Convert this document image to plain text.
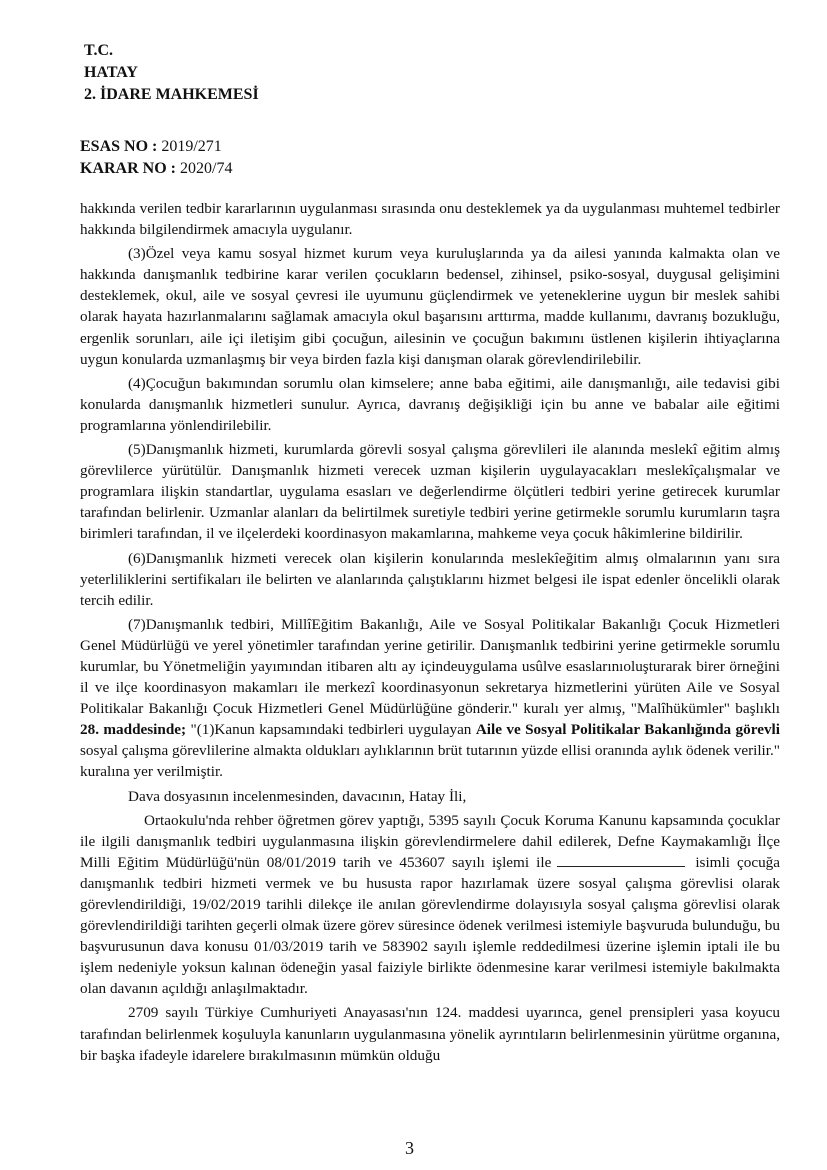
T.C.
HATAY
2. İDARE MAHKEMESİ
ESAS NO : 2019/271
KARAR NO : 2020/74

hakkında verilen tedbir kararlarının uygulanması sırasında onu desteklemek ya da uygulanması muhtemel tedbirler hakkında bilgilendirmek amacıyla uygulanır.

(3)Özel veya kamu sosyal hizmet kurum veya kuruluşlarında ya da ailesi yanında kalmakta olan ve hakkında danışmanlık tedbirine karar verilen çocukların bedensel, zihinsel, psiko-sosyal, duygusal gelişimini desteklemek, okul, aile ve sosyal çevresi ile uyumunu güçlendirmek ve yeteneklerine uygun bir meslek sahibi olarak hayata hazırlanmalarını sağlamak amacıyla okul başarısını arttırma, madde kullanımı, davranış bozukluğu, ergenlik sorunları, aile içi iletişim gibi çocuğun, ailesinin ve çocuğun bakımını üstlenen kişilerin ihtiyaçlarına uygun konularda uzmanlaşmış bir veya birden fazla kişi danışman olarak görevlendirilebilir.

(4)Çocuğun bakımından sorumlu olan kimselere; anne baba eğitimi, aile danışmanlığı, aile tedavisi gibi konularda danışmanlık hizmetleri sunulur. Ayrıca, davranış değişikliği için bu anne ve babalar aile eğitimi programlarına yönlendirilebilir.

(5)Danışmanlık hizmeti, kurumlarda görevli sosyal çalışma görevlileri ile alanında meslekî eğitim almış görevlilerce yürütülür. Danışmanlık hizmeti verecek uzman kişilerin uygulayacakları meslekîçalışmalar ve programlara ilişkin standartlar, uygulama esasları ve değerlendirme ölçütleri tedbiri yerine getirecek kurumlar tarafından belirlenir. Uzmanlar alanları da belirtilmek suretiyle tedbiri yerine getirmekle sorumlu kurumların taşra birimleri tarafından, il ve ilçelerdeki koordinasyon makamlarına, mahkeme veya çocuk hâkimlerine bildirilir.

(6)Danışmanlık hizmeti verecek olan kişilerin konularında meslekîeğitim almış olmalarının yanı sıra yeterliliklerini sertifikaları ile belirten ve alanlarında çalıştıklarını hizmet belgesi ile ispat edenler öncelikli olarak tercih edilir.

(7)Danışmanlık tedbiri, MillîEğitim Bakanlığı, Aile ve Sosyal Politikalar Bakanlığı Çocuk Hizmetleri Genel Müdürlüğü ve yerel yönetimler tarafından yerine getirilir. Danışmanlık tedbirini yerine getirmekle sorumlu kurumlar, bu Yönetmeliğin yayımından itibaren altı ay içindeuygulama usûlve esaslarınıoluşturarak birer örneğini il ve ilçe koordinasyon makamları ile merkezî koordinasyonun sekretarya hizmetlerini yürüten Aile ve Sosyal Politikalar Bakanlığı Çocuk Hizmetleri Genel Müdürlüğüne gönderir." kuralı yer almış, "Malîhükümler" başlıklı 28. maddesinde; "(1)Kanun kapsamındaki tedbirleri uygulayan Aile ve Sosyal Politikalar Bakanlığında görevli sosyal çalışma görevlilerine almakta oldukları aylıklarının brüt tutarının yüzde ellisi oranında aylık ödenek verilir." kuralına yer verilmiştir.

Dava dosyasının incelenmesinden, davacının, Hatay İli,

Ortaokulu'nda rehber öğretmen görev yaptığı, 5395 sayılı Çocuk Koruma Kanunu kapsamında çocuklar ile ilgili danışmanlık tedbiri uygulanmasına ilişkin görevlendirmelere dahil edilerek, Defne Kaymakamlığı İlçe Milli Eğitim Müdürlüğü'nün 08/01/2019 tarih ve 453607 sayılı işlemi ile	isimli çocuğa danışmanlık tedbiri hizmeti vermek ve bu hususta rapor hazırlamak üzere sosyal çalışma görevlisi olarak görevlendirildiği, 19/02/2019 tarihli dilekçe ile anılan görevlendirme dolayısıyla sosyal çalışma görevlisi olarak görevlendirildiği tarihten geçerli olmak üzere görev süresince ödenek verilmesi istemiyle başvuruda bulunduğu, bu başvurusunun dava konusu 01/03/2019 tarih ve 583902 sayılı işlemle reddedilmesi üzerine işlemin iptali ile bu işlem nedeniyle yoksun kalınan ödeneğin yasal faiziyle birlikte ödenmesine karar verilmesi istemiyle bakılmakta olan davanın açıldığı anlaşılmaktadır.

2709 sayılı Türkiye Cumhuriyeti Anayasası'nın 124. maddesi uyarınca, genel prensipleri yasa koyucu tarafından belirlenmek koşuluyla kanunların uygulanmasına yönelik ayrıntıların belirlenmesinin yürütme organına, bir başka ifadeyle idarelere bırakılmasının mümkün olduğu

3
